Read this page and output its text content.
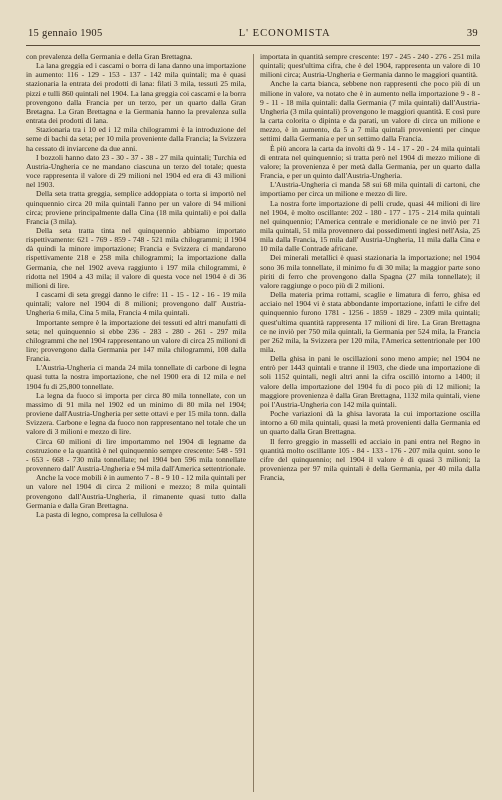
15 gennaio 1905	L' ECONOMISTA	39

con prevalenza della Germania e della Gran Brettagna.

La lana greggia ed i cascami o borra di lana danno una importazione in aumento: 116 - 129 - 153 - 137 - 142 mila quintali; ma è quasi stazionaria la entrata dei prodotti di lana: filati 3 mila, tessuti 25 mila, pizzi e tulli 860 quintali nel 1904. La lana greggia coi cascami e la borra provengono dalla Francia per un terzo, per un quarto dalla Gran Bretagna. La Gran Brettagna e la Germania hanno la prevalenza sulla entrata dei prodotti di lana.

Stazionaria tra i 10 ed i 12 mila chilogrammi è la introduzione del seme di bachi da seta; per 10 mila proveniente dalla Francia; la Svizzera ha cessato di inviarcene da due anni.

I bozzoli hanno dato 23 - 30 - 37 - 38 - 27 mila quintali; Turchia ed Austria-Ungheria ce ne mandano ciascuna un terzo del totale; questa voce rappresenta il valore di 29 milioni nel 1904 ed era di 43 milioni nel 1903.

Della seta tratta greggia, semplice addoppiata o torta si importò nel quinquennio circa 20 mila quintali l'anno per un valore di 94 milioni circa; proviene principalmente dalla Cina (18 mila quintali) e poi dalla Francia (3 mila).

Della seta tratta tinta nel quinquennio abbiamo importato rispettivamente: 621 - 769 - 859 - 748 - 521 mila chilogrammi; il 1904 dà quindi la minore importazione; Francia e Svizzera ci mandarono rispettivamente 218 e 258 mila chilogrammi; la importazione dalla Germania, che nel 1902 aveva raggiunto i 197 mila chilogrammi, è ridotta nel 1904 a 43 mila; il valore di questa voce nel 1904 è di 36 milioni di lire.

I cascami di seta greggi danno le cifre: 11 - 15 - 12 - 16 - 19 mila quintali; valore nel 1904 di 8 milioni; provengono dall' Austria-Ungheria 6 mila, Cina 5 mila, Francia 4 mila quintali.

Importante sempre è la importazione dei tessuti ed altri manufatti di seta; nel quinquennio si ebbe 236 - 283 - 280 - 261 - 297 mila chilogrammi che nel 1904 rappresentano un valore di circa 25 milioni di lire; provengono dalla Germania per 147 mila chilogrammi, 108 dalla Francia.

L'Austria-Ungheria ci manda 24 mila tonnellate di carbone di legna quasi tutta la nostra importazione, che nel 1900 era di 12 mila e nel 1904 fu di 25,800 tonnellate.

La legna da fuoco si importa per circa 80 mila tonnellate, con un massimo di 91 mila nel 1902 ed un minimo di 80 mila nel 1904; proviene dall'Austria-Ungheria per sette ottavi e per 15 mila tonn. dalla Svizzera. Carbone e legna da fuoco non rappresentano nel totale che un valore di 3 milioni e mezzo di lire.

Circa 60 milioni di lire importammo nel 1904 di legname da costruzione e la quantità è nel quinquennio sempre crescente: 548 - 591 - 653 - 668 - 730 mila tonnellate; nel 1904 ben 596 mila tonnellate provennero dall' Austria-Ungheria e 94 mila dall'America settentrionale.

Anche la voce mobili è in aumento 7 - 8 - 9 10 - 12 mila quintali per un valore nel 1904 di circa 2 milioni e mezzo; 8 mila quintali provengono dall'Austria-Ungheria, il rimanente quasi tutto dalla Germania e dalla Gran Brettagna.

La pasta di legno, compresa la cellulosa è

importata in quantità sempre crescente: 197 - 245 - 240 - 276 - 251 mila quintali; quest'ultima cifra, che è del 1904, rappresenta un valore di 10 milioni circa; Austria-Ungheria e Germania danno le maggiori quantità.

Anche la carta bianca, sebbene non rappresenti che poco più di un milione in valore, va notato che è in aumento nella importazione 9 - 8 - 9 - 11 - 18 mila quintali: dalla Germania (7 mila quintali) dall'Austria-Ungheria (3 mila quintali) provengono le maggiori quantità. E così pure la carta colorita o dipinta e da parati, un valore di circa un milione e mezzo, è in aumento, da 5 a 7 mila quintali provenienti per cinque settimi dalla Germania e per un settimo dalla Francia.

È più ancora la carta da involti dà 9 - 14 - 17 - 20 - 24 mila quintali di entrata nel quinquennio; si tratta però nel 1904 di mezzo milione di valore; la provenienza è per metà dalla Germania, per un quarto dalla Francia, e per un quinto dall'Austria-Ungheria.

L'Austria-Ungheria ci manda 58 sui 68 mila quintali di cartoni, che importiamo per circa un milione e mezzo di lire.

La nostra forte importazione di pelli crude, quasi 44 milioni di lire nel 1904, è molto oscillante: 202 - 180 - 177 - 175 - 214 mila quintali nel quinquennio; l'America centrale e meridionale ce ne inviò per 71 mila quintali, 51 mila provennero dai possedimenti inglesi nell'Asia, 25 mila dalla Francia, 15 mila dall' Austria-Ungheria, 11 mila dalla Cina e 10 mila dalle Contrade africane.

Dei minerali metallici è quasi stazionaria la importazione; nel 1904 sono 36 mila tonnellate, il minimo fu di 30 mila; la maggior parte sono piriti di ferro che provengono dalla Spagna (27 mila tonnellate); il valore raggiunge o poco più di 2 milioni.

Della materia prima rottami, scaglie e limatura di ferro, ghisa ed acciaio nel 1904 vi è stata abbondante importazione, infatti le cifre del quinquennio furono 1781 - 1256 - 1859 - 1829 - 2309 mila quintali; quest'ultima quantità rappresenta 17 milioni di lire. La Gran Brettagna ce ne inviò per 750 mila quintali, la Germania per 524 mila, la Francia per 262 mila, la Svizzera per 120 mila, l'America settentrionale per 100 mila.

Della ghisa in pani le oscillazioni sono meno ampie; nel 1904 ne entrò per 1443 quintali e tranne il 1903, che diede una importazione di soli 1152 quintali, negli altri anni la cifra oscillò intorno a 1400; il valore della importazione del 1904 fu di poco più di 12 milioni; la maggiore provenienza è dalla Gran Brettagna, 1132 mila quintali, viene poi l'Austria-Ungheria con 142 mila quintali.

Poche variazioni dà la ghisa lavorata la cui importazione oscilla intorno a 60 mila quintali, quasi la metà provenienti dalla Germania ed un quarto dalla Gran Brettagna.

Il ferro greggio in masselli ed acciaio in pani entra nel Regno in quantità molto oscillante 105 - 84 - 133 - 176 - 207 mila quint. sono le cifre del quinquennio; nel 1904 il valore è di quasi 3 milioni; la provenienza per 97 mila quintali è della Germania, per 40 mila dalla Francia,
